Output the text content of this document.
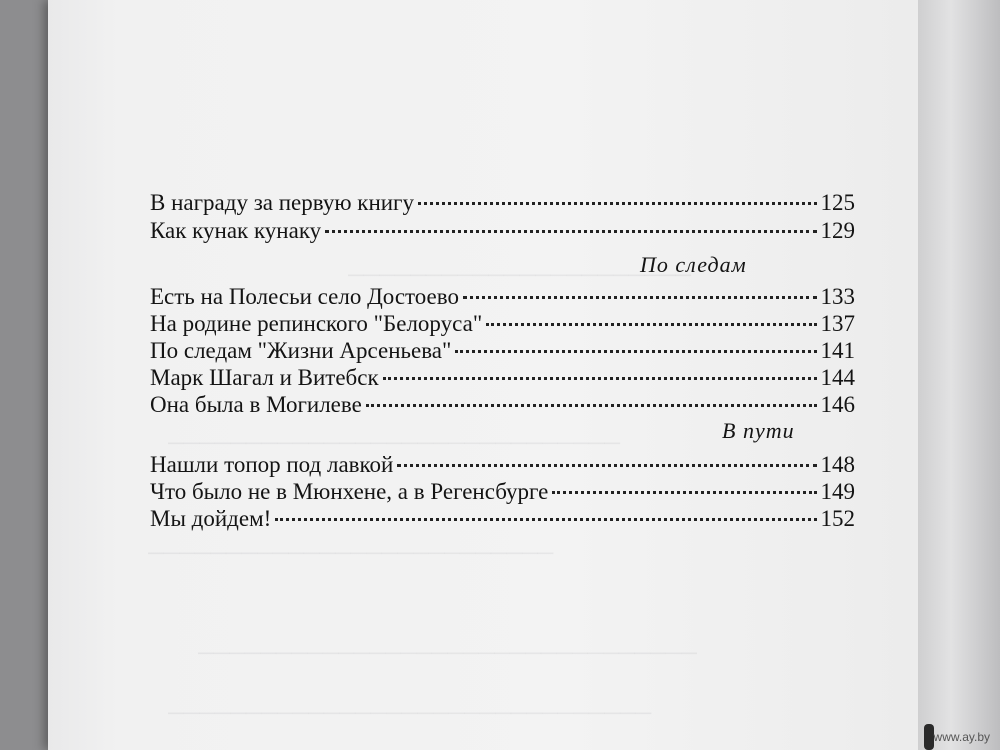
──────────────────────
─────────────────────────────
──────────────────────────
────────────────────────────────
───────────────────────────────
В награду за первую книгу	125
Как кунак кунаку	129
По следам
Есть на Полесьи село Достоево	133
На родине репинского "Белоруса"	137
По следам "Жизни Арсеньева"	141
Марк Шагал и Витебск	144
Она была в Могилеве	146
В пути
Нашли топор под лавкой	148
Что было не в Мюнхене, а в Регенсбурге	149
Мы дойдем!	152
www.ay.by
